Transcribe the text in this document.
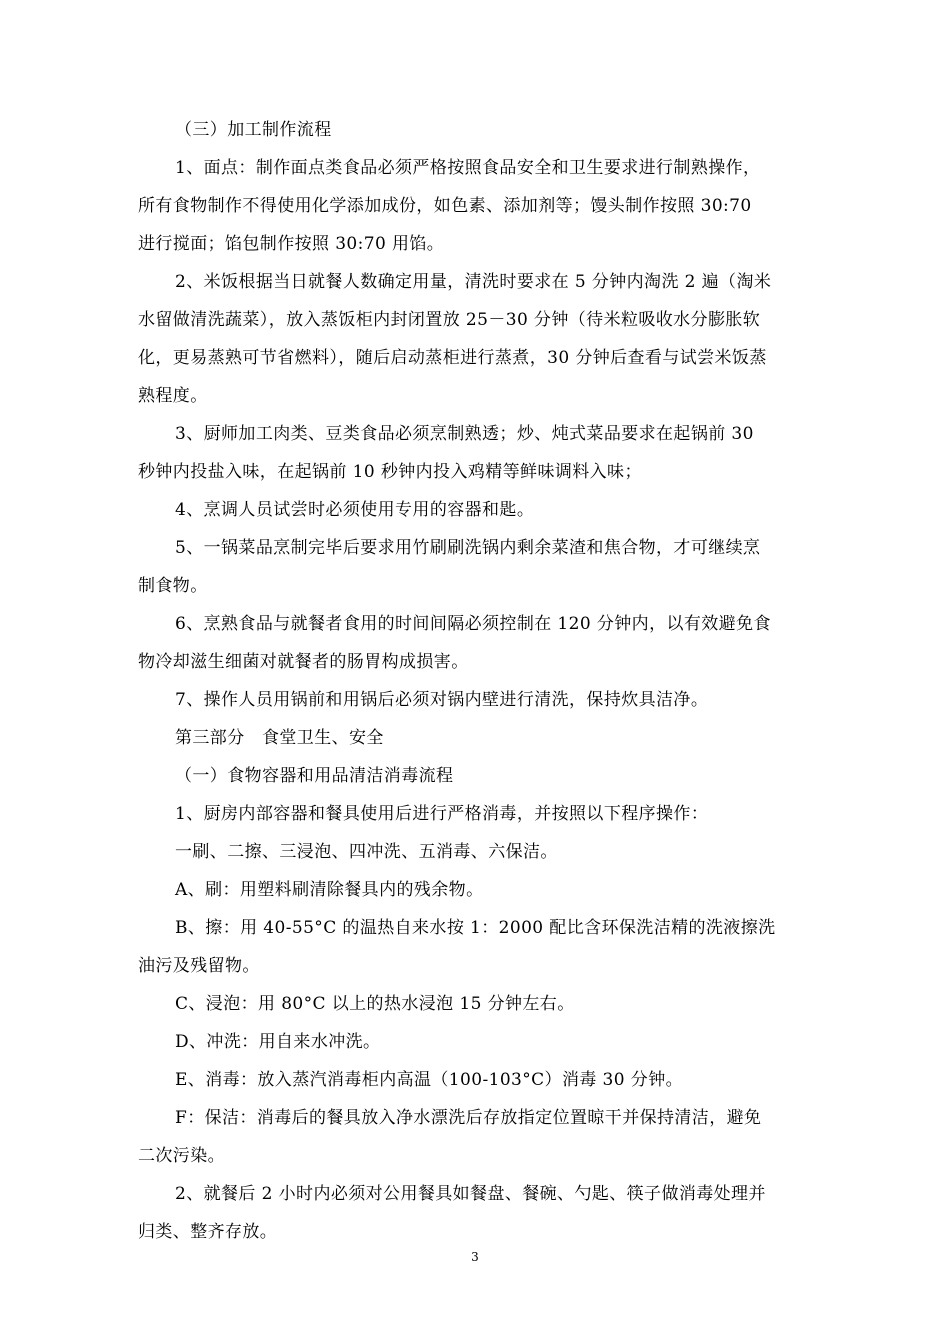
（三）加工制作流程
1、面点：制作面点类食品必须严格按照食品安全和卫生要求进行制熟操作，
所有食物制作不得使用化学添加成份，如色素、添加剂等；馒头制作按照 30:70
进行搅面；馅包制作按照 30:70 用馅。
2、米饭根据当日就餐人数确定用量，清洗时要求在 5 分钟内淘洗 2 遍（淘米
水留做清洗蔬菜），放入蒸饭柜内封闭置放 25－30 分钟（待米粒吸收水分膨胀软
化，更易蒸熟可节省燃料），随后启动蒸柜进行蒸煮，30 分钟后查看与试尝米饭蒸
熟程度。
3、厨师加工肉类、豆类食品必须烹制熟透；炒、炖式菜品要求在起锅前 30
秒钟内投盐入味，在起锅前 10 秒钟内投入鸡精等鲜味调料入味；
4、烹调人员试尝时必须使用专用的容器和匙。
5、一锅菜品烹制完毕后要求用竹刷刷洗锅内剩余菜渣和焦合物，才可继续烹
制食物。
6、烹熟食品与就餐者食用的时间间隔必须控制在 120 分钟内，以有效避免食
物冷却滋生细菌对就餐者的肠胃构成损害。
7、操作人员用锅前和用锅后必须对锅内壁进行清洗，保持炊具洁净。
第三部分　食堂卫生、安全
（一）食物容器和用品清洁消毒流程
1、厨房内部容器和餐具使用后进行严格消毒，并按照以下程序操作：
一刷、二擦、三浸泡、四冲洗、五消毒、六保洁。
A、刷：用塑料刷清除餐具内的残余物。
B、擦：用 40-55°C 的温热自来水按 1：2000 配比含环保洗洁精的洗液擦洗
油污及残留物。
C、浸泡：用 80°C 以上的热水浸泡 15 分钟左右。
D、冲洗：用自来水冲洗。
E、消毒：放入蒸汽消毒柜内高温（100-103°C）消毒 30 分钟。
F：保洁：消毒后的餐具放入净水漂洗后存放指定位置晾干并保持清洁，避免
二次污染。
2、就餐后 2 小时内必须对公用餐具如餐盘、餐碗、勺匙、筷子做消毒处理并
归类、整齐存放。
3
